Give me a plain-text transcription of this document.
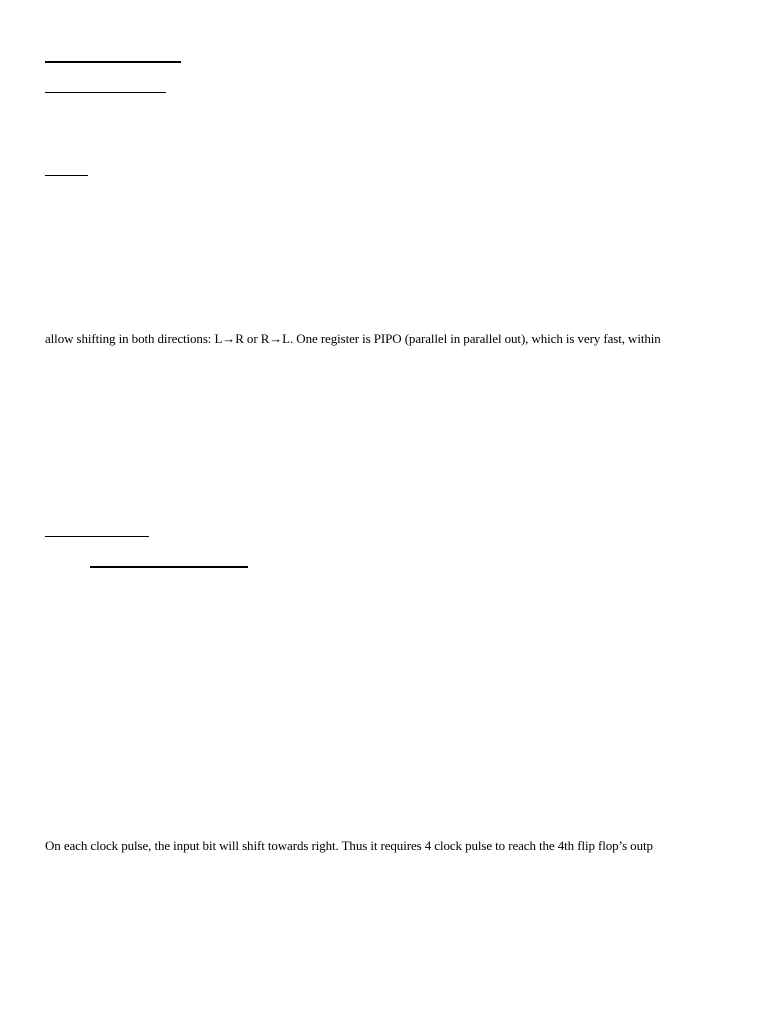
allow shifting in both directions: L→R or R→L. One register is PIPO (parallel in parallel out), which is very fast, within
On each clock pulse, the input bit will shift towards right. Thus it requires 4 clock pulse to reach the 4th flip flop’s outp
